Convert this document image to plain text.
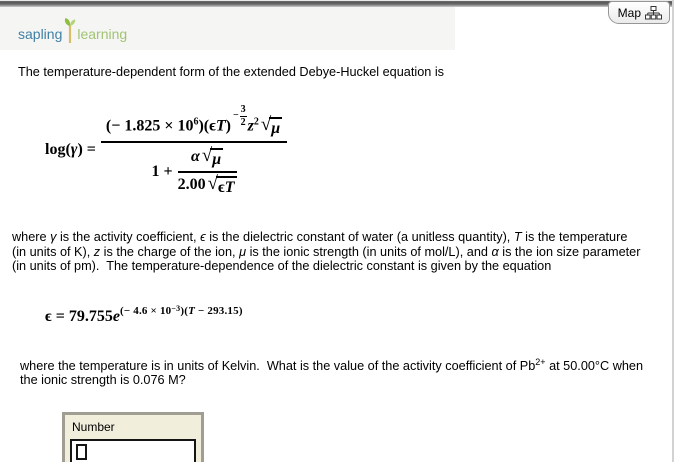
sapling learning
Map
The temperature-dependent form of the extended Debye-Huckel equation is
log(γ) = (− $1.825 \times 10^6)(\epsilon T)$
− $\frac{3}{2} z^2$ √ μ
$1 + \frac{\alpha √ \mu}{2.00 √ \epsilon T}$
where γ is the activity coefficient, ϵ is the dielectric constant of water (a unitless quantity), T is the temperature
(in units of K), z is the charge of the ion, μ is the ionic strength (in units of mol/L), and α is the ion size parameter
(in units of pm).  The temperature-dependence of the dielectric constant is given by the equation
$\epsilon = 79.755e^{(- 4.6 \times 10^{-3})(T - 293.15)}$
where the temperature is in units of Kelvin.  What is the value of the activity coefficient of $Pb^{2+}$ at 50.00°C when
the ionic strength is 0.076 M?
Number
